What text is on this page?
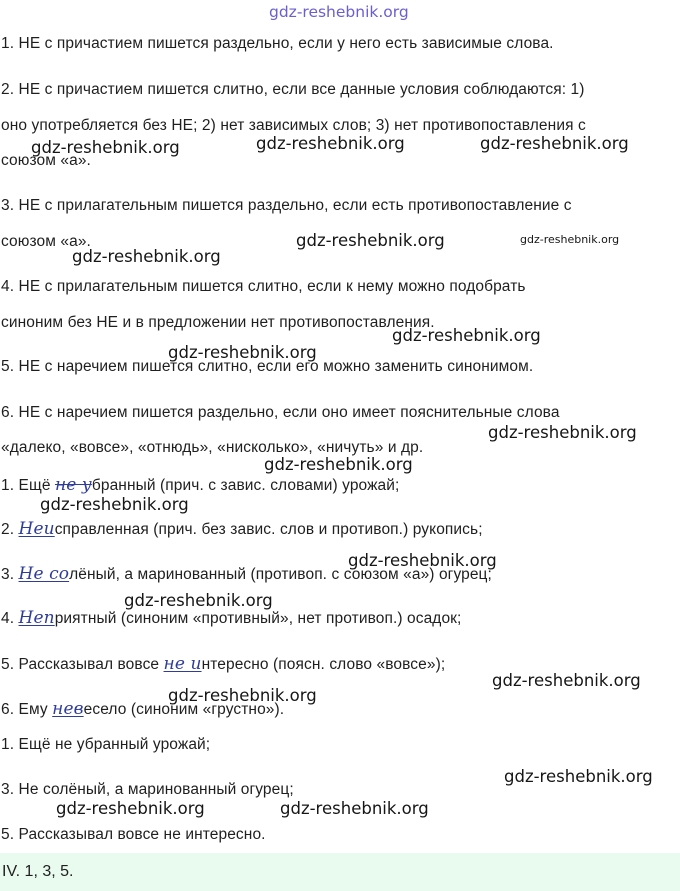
gdz-reshebnik.org
1. НЕ с причастием пишется раздельно, если у него есть зависимые слова.
2. НЕ с причастием пишется слитно, если все данные условия соблюдаются: 1)
оно употребляется без НЕ; 2) нет зависимых слов; 3) нет противопоставления с
союзом «а».
3. НЕ с прилагательным пишется раздельно, если есть противопоставление с
союзом «а».
4. НЕ с прилагательным пишется слитно, если к нему можно подобрать
синоним без НЕ и в предложении нет противопоставления.
5. НЕ с наречием пишется слитно, если его можно заменить синонимом.
6. НЕ с наречием пишется раздельно, если оно имеет пояснительные слова
«далеко, «вовсе», «отнюдь», «нисколько», «ничуть» и др.
1. Ещё не убранный (прич. с завис. словами) урожай;
2. Неисправленная (прич. без завис. слов и противоп.) рукопись;
3. Не солёный, а маринованный (противоп. с союзом «а») огурец;
4. Неприятный (синоним «противный», нет противоп.) осадок;
5. Рассказывал вовсе не интересно (поясн. слово «вовсе»);
6. Ему невесело (синоним «грустно»).
1. Ещё не убранный урожай;
3. Не солёный, а маринованный огурец;
5. Рассказывал вовсе не интересно.
IV. 1, 3, 5.
gdz-reshebnik.org	gdz-reshebnik.org	gdz-reshebnik.org
gdz-reshebnik.org	gdz-reshebnik.org
gdz-reshebnik.org
gdz-reshebnik.org
gdz-reshebnik.org
gdz-reshebnik.org
gdz-reshebnik.org
gdz-reshebnik.org
gdz-reshebnik.org
gdz-reshebnik.org
gdz-reshebnik.org
gdz-reshebnik.org
gdz-reshebnik.org
gdz-reshebnik.org	gdz-reshebnik.org
